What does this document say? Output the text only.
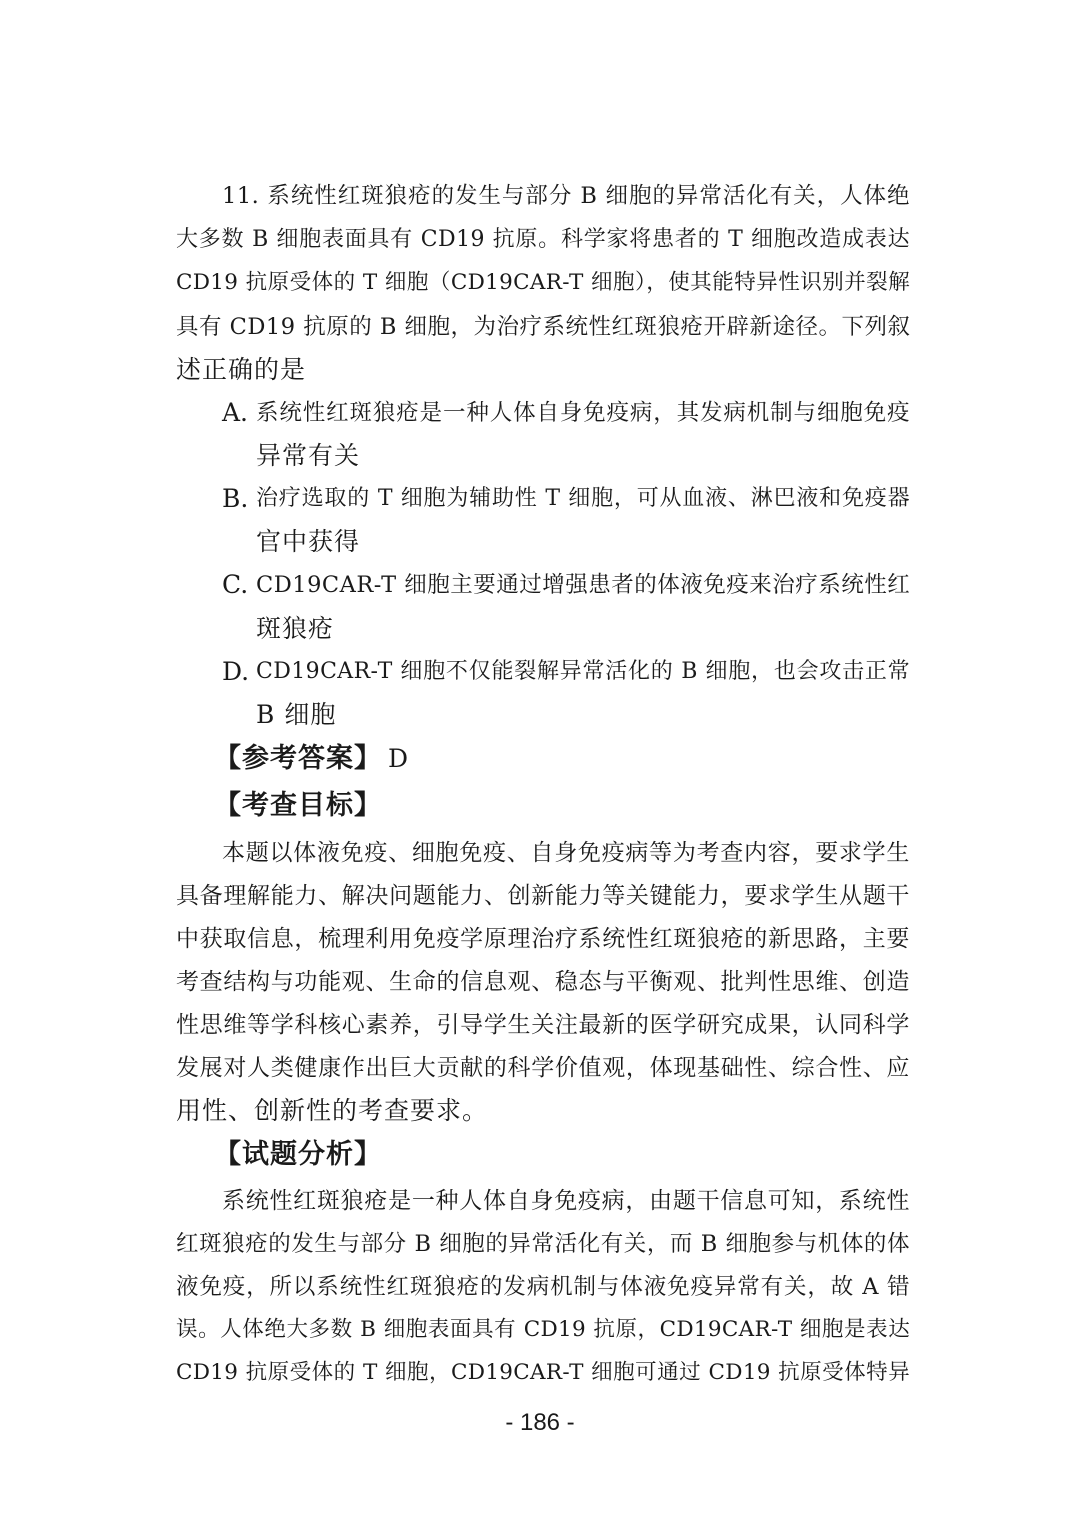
11. 系统性红斑狼疮的发生与部分 B 细胞的异常活化有关，人体绝
大多数 B 细胞表面具有 CD19 抗原。科学家将患者的 T 细胞改造成表达
CD19 抗原受体的 T 细胞（CD19CAR-T 细胞），使其能特异性识别并裂解
具有 CD19 抗原的 B 细胞，为治疗系统性红斑狼疮开辟新途径。下列叙
述正确的是
A. 系统性红斑狼疮是一种人体自身免疫病，其发病机制与细胞免疫
异常有关
B. 治疗选取的 T 细胞为辅助性 T 细胞，可从血液、淋巴液和免疫器
官中获得
C. CD19CAR-T 细胞主要通过增强患者的体液免疫来治疗系统性红
斑狼疮
D. CD19CAR-T 细胞不仅能裂解异常活化的 B 细胞，也会攻击正常
B 细胞
【参考答案】 D
【考查目标】
本题以体液免疫、细胞免疫、自身免疫病等为考查内容，要求学生
具备理解能力、解决问题能力、创新能力等关键能力，要求学生从题干
中获取信息，梳理利用免疫学原理治疗系统性红斑狼疮的新思路，主要
考查结构与功能观、生命的信息观、稳态与平衡观、批判性思维、创造
性思维等学科核心素养，引导学生关注最新的医学研究成果，认同科学
发展对人类健康作出巨大贡献的科学价值观，体现基础性、综合性、应
用性、创新性的考查要求。
【试题分析】
系统性红斑狼疮是一种人体自身免疫病，由题干信息可知，系统性
红斑狼疮的发生与部分 B 细胞的异常活化有关，而 B 细胞参与机体的体
液免疫，所以系统性红斑狼疮的发病机制与体液免疫异常有关，故 A 错
误。人体绝大多数 B 细胞表面具有 CD19 抗原，CD19CAR-T 细胞是表达
CD19 抗原受体的 T 细胞，CD19CAR-T 细胞可通过 CD19 抗原受体特异
- 186 -
